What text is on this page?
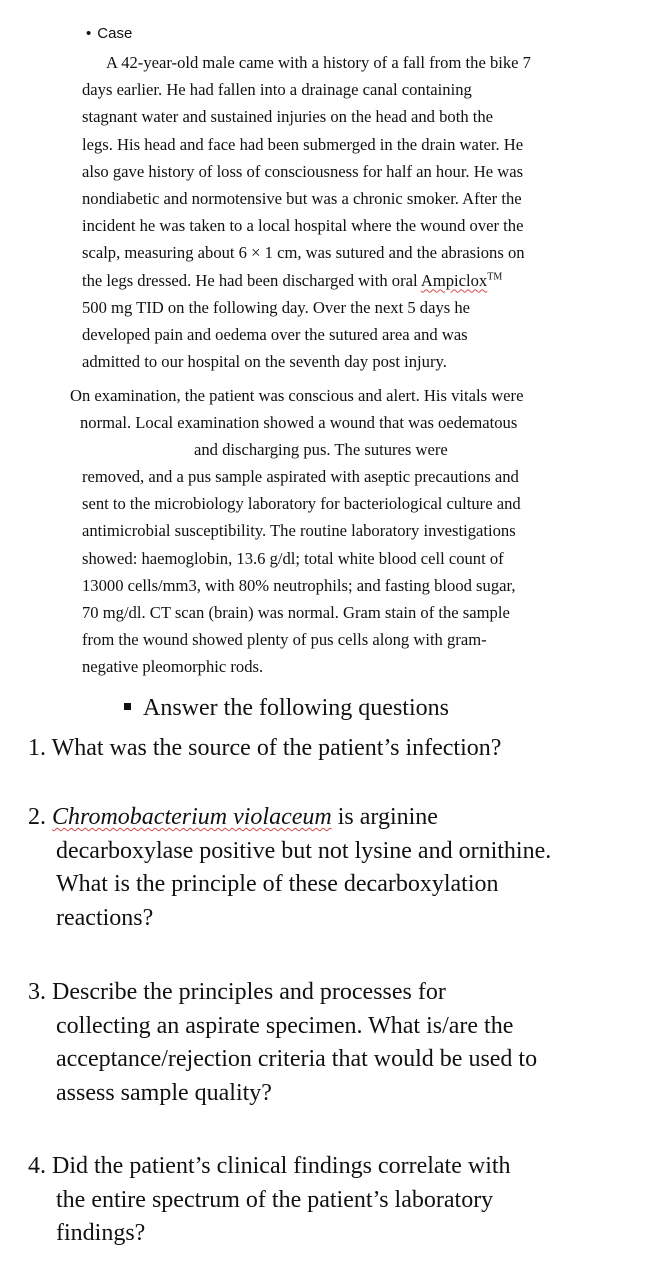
• Case
A 42-year-old male came with a history of a fall from the bike 7
days earlier. He had fallen into a drainage canal containing
stagnant water and sustained injuries on the head and both the
legs. His head and face had been submerged in the drain water. He
also gave history of loss of consciousness for half an hour. He was
nondiabetic and normotensive but was a chronic smoker. After the
incident he was taken to a local hospital where the wound over the
scalp, measuring about 6 × 1 cm, was sutured and the abrasions on
the legs dressed. He had been discharged with oral Ampiclox™
500 mg TID on the following day. Over the next 5 days he
developed pain and oedema over the sutured area and was
admitted to our hospital on the seventh day post injury.
On examination, the patient was conscious and alert. His vitals were
normal. Local examination showed a wound that was oedematous
and discharging pus. The sutures were
removed, and a pus sample aspirated with aseptic precautions and
sent to the microbiology laboratory for bacteriological culture and
antimicrobial susceptibility. The routine laboratory investigations
showed: haemoglobin, 13.6 g/dl; total white blood cell count of
13000 cells/mm3, with 80% neutrophils; and fasting blood sugar,
70 mg/dl. CT scan (brain) was normal. Gram stain of the sample
from the wound showed plenty of pus cells along with gram-
negative pleomorphic rods.
Answer the following questions
1. What was the source of the patient’s infection?
2. Chromobacterium violaceum is arginine
decarboxylase positive but not lysine and ornithine.
What is the principle of these decarboxylation
reactions?
3. Describe the principles and processes for
collecting an aspirate specimen. What is/are the
acceptance/rejection criteria that would be used to
assess sample quality?
4. Did the patient’s clinical findings correlate with
the entire spectrum of the patient’s laboratory
findings?
